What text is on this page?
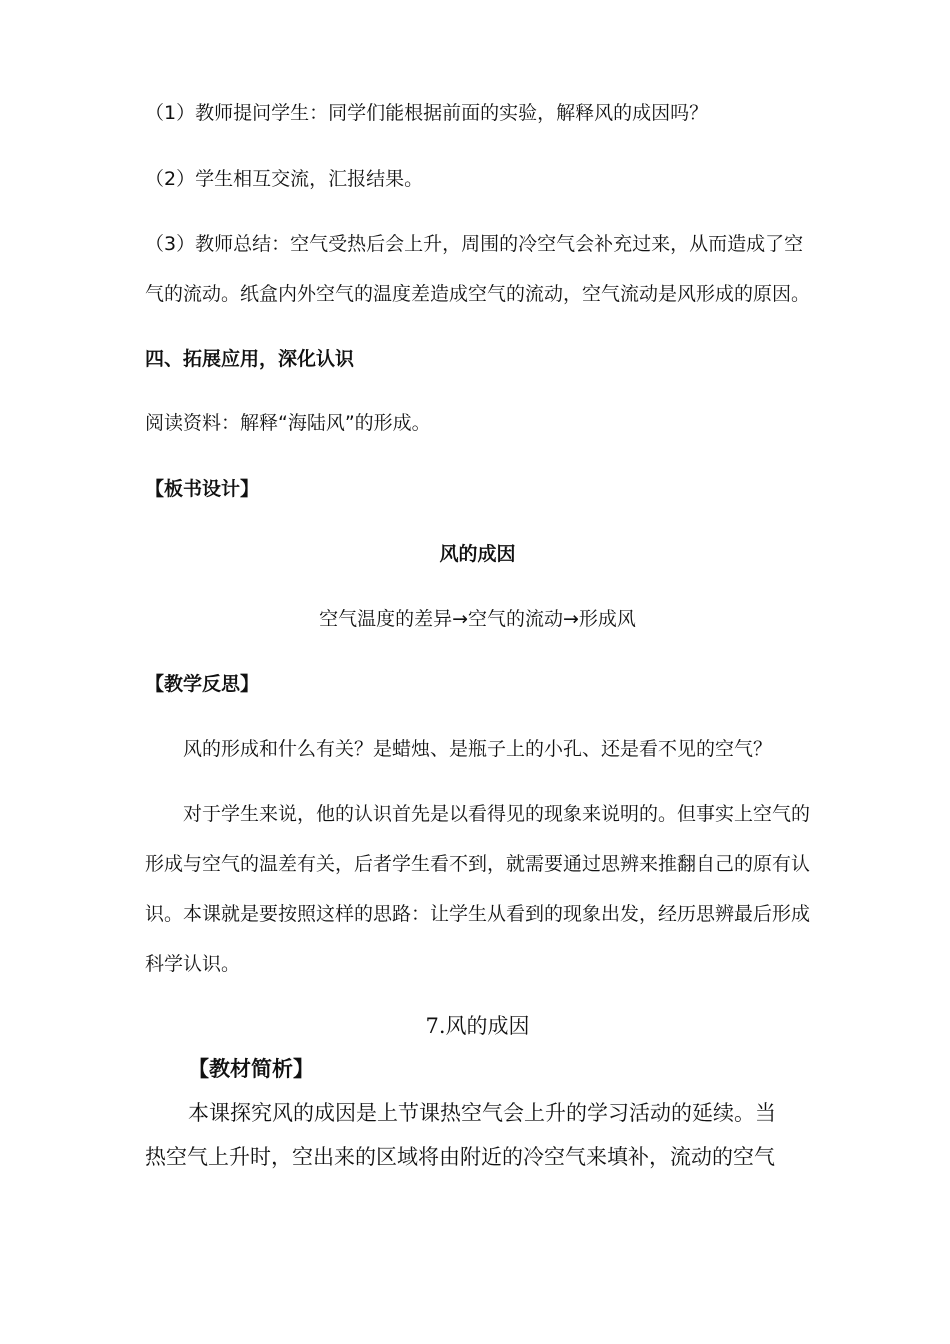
（1）教师提问学生：同学们能根据前面的实验，解释风的成因吗？
（2）学生相互交流，汇报结果。
（3）教师总结：空气受热后会上升，周围的冷空气会补充过来，从而造成了空
气的流动。纸盒内外空气的温度差造成空气的流动，空气流动是风形成的原因。
四、拓展应用，深化认识
阅读资料：解释“海陆风”的形成。
【板书设计】
风的成因
空气温度的差异→空气的流动→形成风
【教学反思】
风的形成和什么有关？是蜡烛、是瓶子上的小孔、还是看不见的空气？
对于学生来说，他的认识首先是以看得见的现象来说明的。但事实上空气的
形成与空气的温差有关，后者学生看不到，就需要通过思辨来推翻自己的原有认
识。本课就是要按照这样的思路：让学生从看到的现象出发，经历思辨最后形成
科学认识。
7.风的成因
【教材简析】
本课探究风的成因是上节课热空气会上升的学习活动的延续。当
热空气上升时，空出来的区域将由附近的冷空气来填补，流动的空气
